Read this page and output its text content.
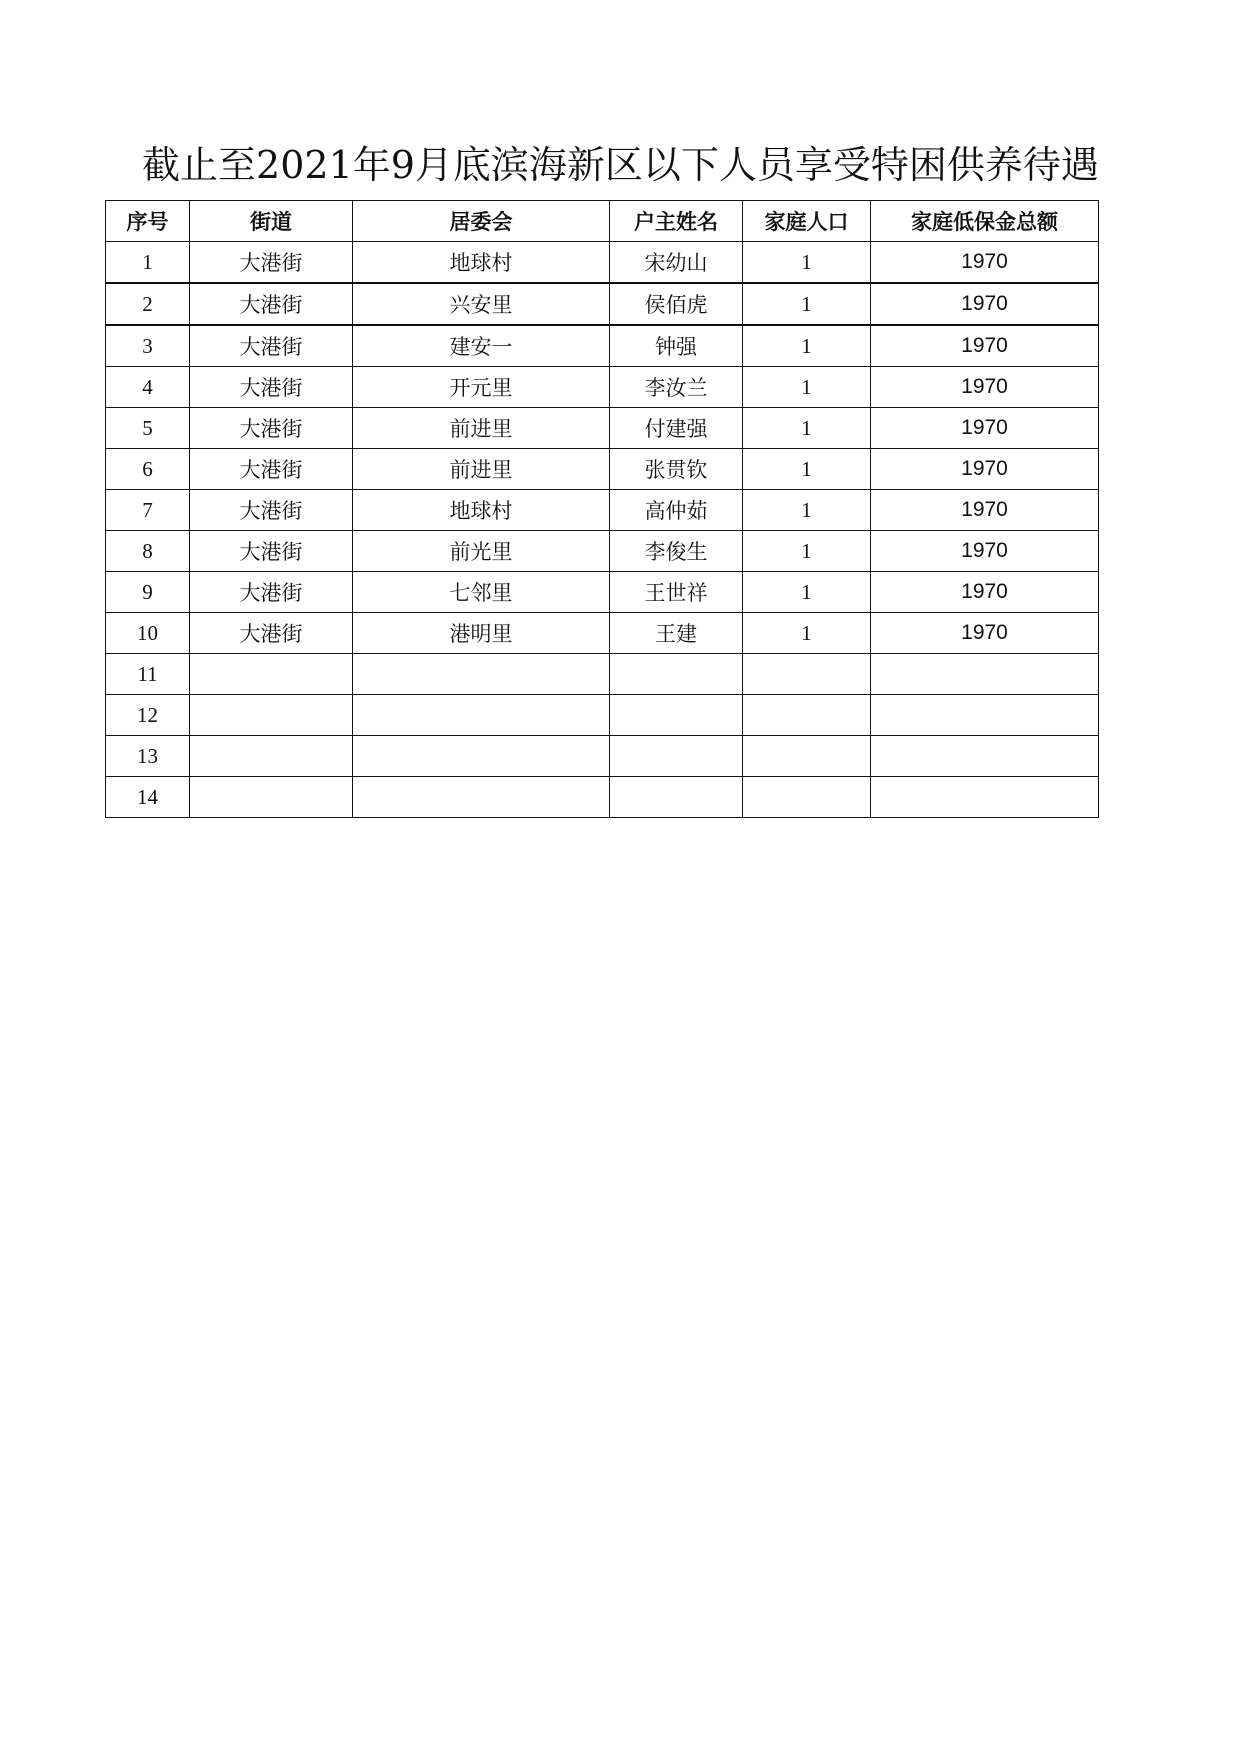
截止至2021年9月底滨海新区以下人员享受特困供养待遇
序号	街道	居委会	户主姓名	家庭人口	家庭低保金总额
1	大港街	地球村	宋幼山	1	1970
2	大港街	兴安里	侯佰虎	1	1970
3	大港街	建安一	钟强	1	1970
4	大港街	开元里	李汝兰	1	1970
5	大港街	前进里	付建强	1	1970
6	大港街	前进里	张贯钦	1	1970
7	大港街	地球村	高仲茹	1	1970
8	大港街	前光里	李俊生	1	1970
9	大港街	七邻里	王世祥	1	1970
10	大港街	港明里	王建	1	1970
11					
12					
13					
14					
